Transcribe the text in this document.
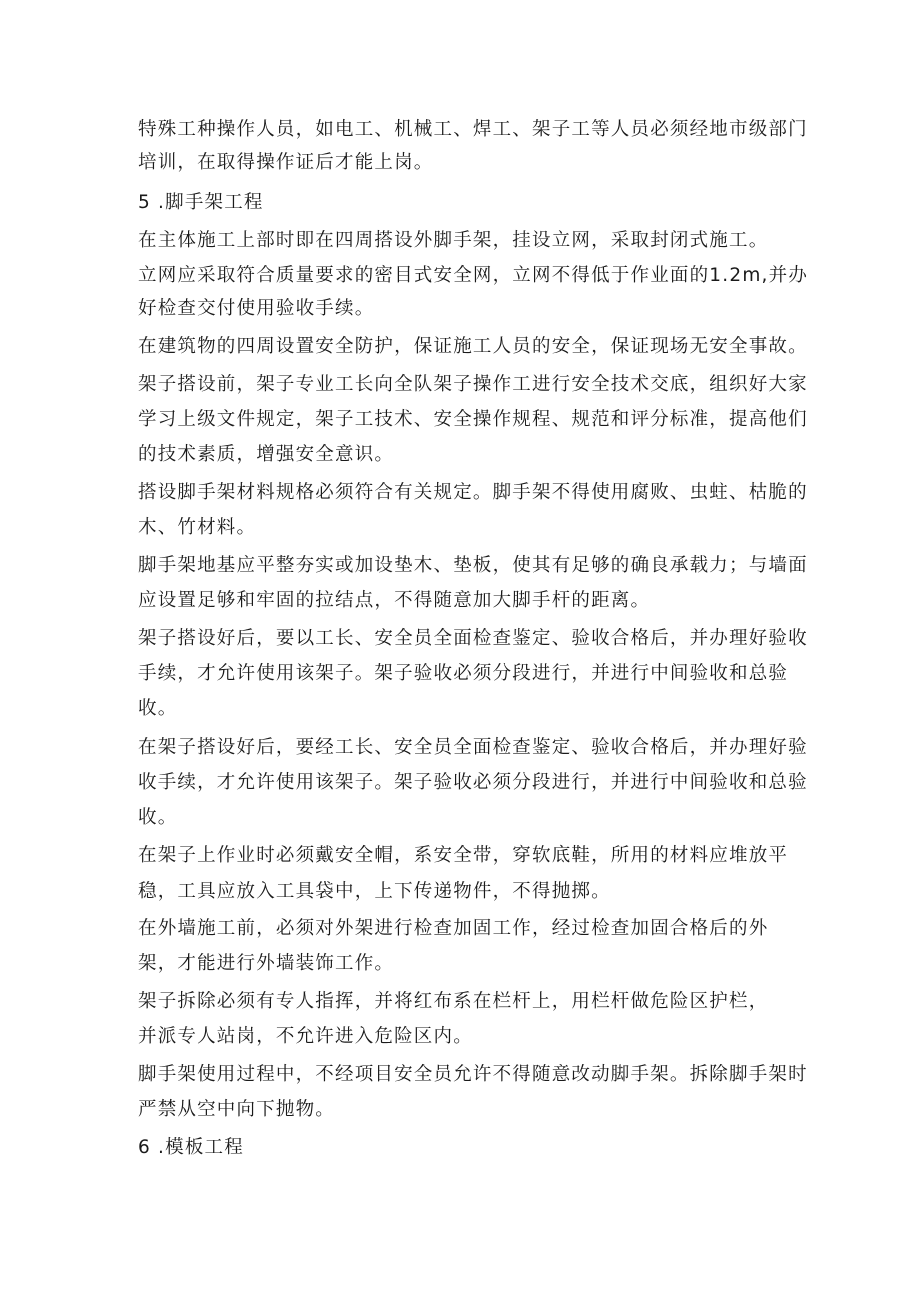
特殊工种操作人员，如电工、机械工、焊工、架子工等人员必须经地市级部门
培训，在取得操作证后才能上岗。
5 .脚手架工程
在主体施工上部时即在四周搭设外脚手架，挂设立网，采取封闭式施工。
立网应采取符合质量要求的密目式安全网，立网不得低于作业面的1.2m,并办
好检查交付使用验收手续。
在建筑物的四周设置安全防护，保证施工人员的安全，保证现场无安全事故。
架子搭设前，架子专业工长向全队架子操作工进行安全技术交底，组织好大家
学习上级文件规定，架子工技术、安全操作规程、规范和评分标准，提高他们
的技术素质，增强安全意识。
搭设脚手架材料规格必须符合有关规定。脚手架不得使用腐败、虫蛀、枯脆的
木、竹材料。
脚手架地基应平整夯实或加设垫木、垫板，使其有足够的确良承载力；与墙面
应设置足够和牢固的拉结点，不得随意加大脚手杆的距离。
架子搭设好后，要以工长、安全员全面检查鉴定、验收合格后，并办理好验收
手续，才允许使用该架子。架子验收必须分段进行，并进行中间验收和总验
收。
在架子搭设好后，要经工长、安全员全面检查鉴定、验收合格后，并办理好验
收手续，才允许使用该架子。架子验收必须分段进行，并进行中间验收和总验
收。
在架子上作业时必须戴安全帽，系安全带，穿软底鞋，所用的材料应堆放平
稳，工具应放入工具袋中，上下传递物件，不得抛掷。
在外墙施工前，必须对外架进行检查加固工作，经过检查加固合格后的外
架，才能进行外墙装饰工作。
架子拆除必须有专人指挥，并将红布系在栏杆上，用栏杆做危险区护栏，
并派专人站岗，不允许进入危险区内。
脚手架使用过程中，不经项目安全员允许不得随意改动脚手架。拆除脚手架时
严禁从空中向下抛物。
6 .模板工程
